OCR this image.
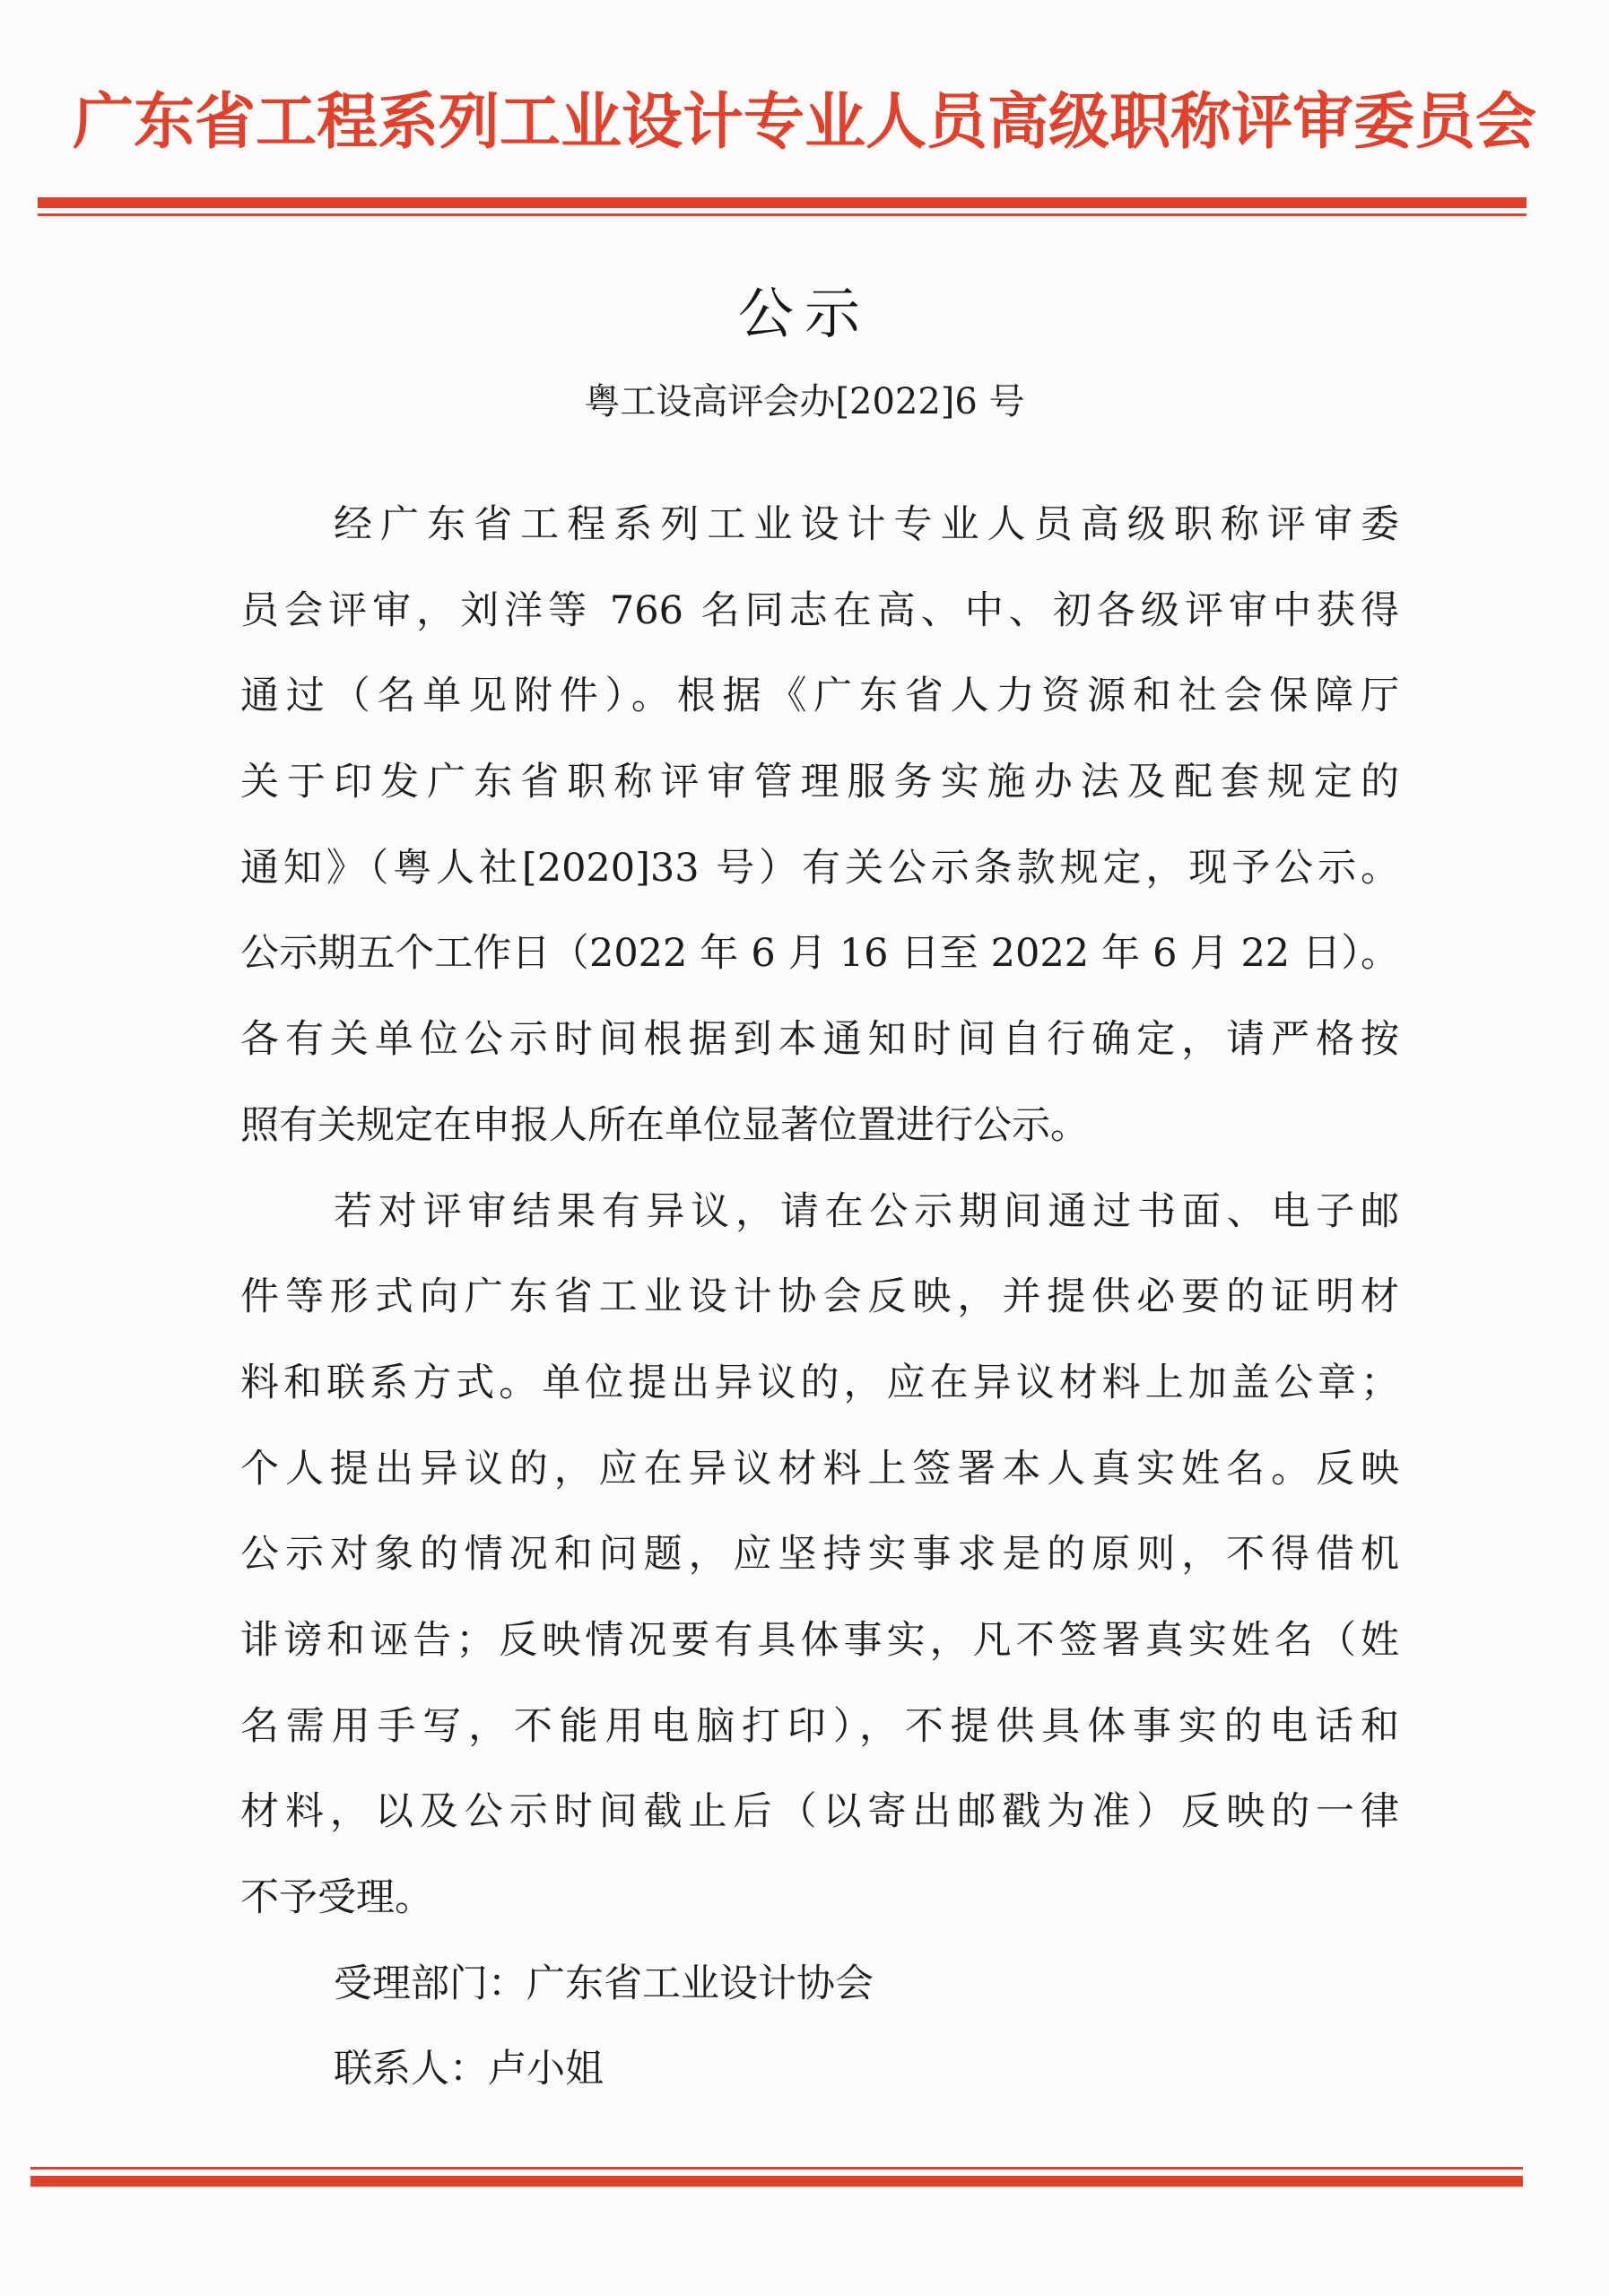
广东省工程系列工业设计专业人员高级职称评审委员会
公示
粤工设高评会办[2022]6 号
经广东省工程系列工业设计专业人员高级职称评审委
员会评审，刘洋等 766 名同志在高、中、初各级评审中获得
通过（名单见附件）。根据《广东省人力资源和社会保障厅
关于印发广东省职称评审管理服务实施办法及配套规定的
通知》（粤人社[2020]33 号）有关公示条款规定，现予公示。
公示期五个工作日（2022 年 6 月 16 日至 2022 年 6 月 22 日）。
各有关单位公示时间根据到本通知时间自行确定，请严格按
照有关规定在申报人所在单位显著位置进行公示。
若对评审结果有异议，请在公示期间通过书面、电子邮
件等形式向广东省工业设计协会反映，并提供必要的证明材
料和联系方式。单位提出异议的，应在异议材料上加盖公章；
个人提出异议的，应在异议材料上签署本人真实姓名。反映
公示对象的情况和问题，应坚持实事求是的原则，不得借机
诽谤和诬告；反映情况要有具体事实，凡不签署真实姓名（姓
名需用手写，不能用电脑打印），不提供具体事实的电话和
材料，以及公示时间截止后（以寄出邮戳为准）反映的一律
不予受理。
受理部门：广东省工业设计协会
联系人：卢小姐
